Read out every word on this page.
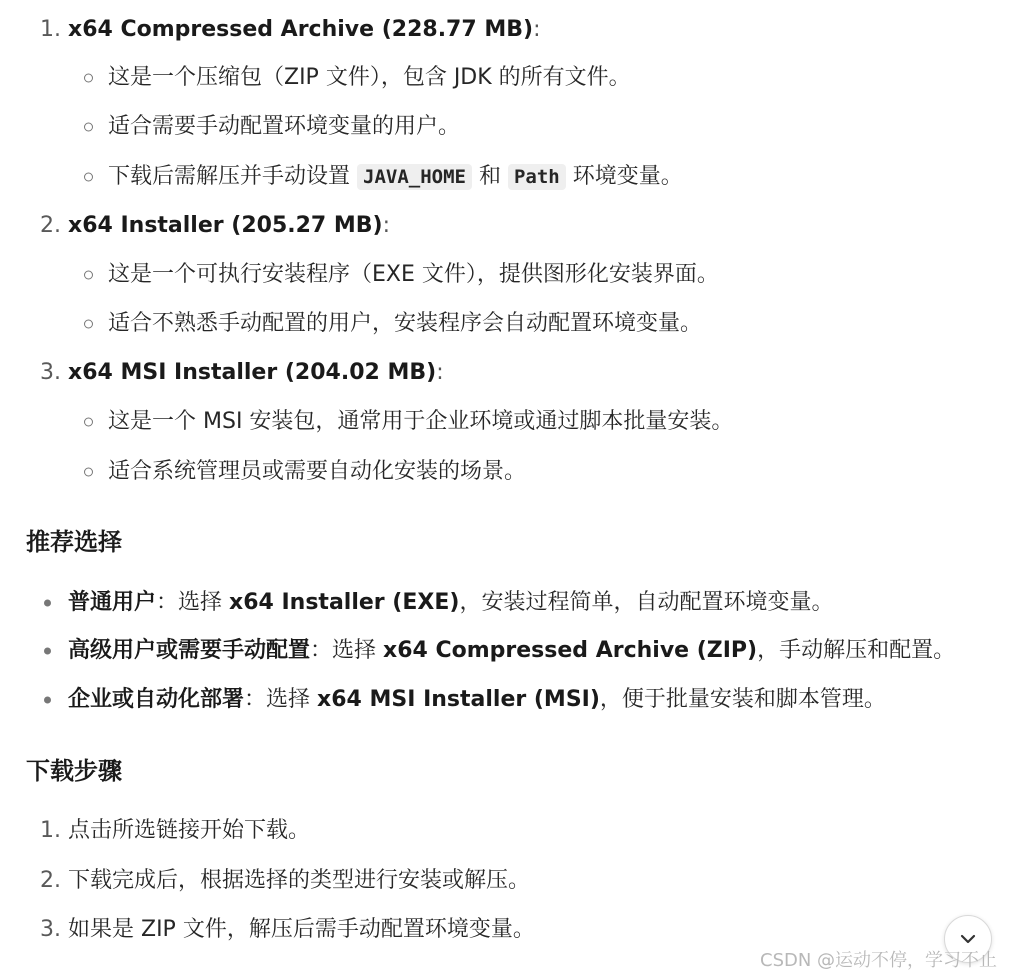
1. x64 Compressed Archive (228.77 MB):
这是一个压缩包（ZIP 文件），包含 JDK 的所有文件。
适合需要手动配置环境变量的用户。
下载后需解压并手动设置 JAVA_HOME 和 Path 环境变量。
2. x64 Installer (205.27 MB):
这是一个可执行安装程序（EXE 文件），提供图形化安装界面。
适合不熟悉手动配置的用户，安装程序会自动配置环境变量。
3. x64 MSI Installer (204.02 MB):
这是一个 MSI 安装包，通常用于企业环境或通过脚本批量安装。
适合系统管理员或需要自动化安装的场景。
推荐选择
普通用户：选择 x64 Installer (EXE)，安装过程简单，自动配置环境变量。
高级用户或需要手动配置：选择 x64 Compressed Archive (ZIP)，手动解压和配置。
企业或自动化部署：选择 x64 MSI Installer (MSI)，便于批量安装和脚本管理。
下载步骤
1. 点击所选链接开始下载。
2. 下载完成后，根据选择的类型进行安装或解压。
3. 如果是 ZIP 文件，解压后需手动配置环境变量。
CSDN @运动不停，学习不止
